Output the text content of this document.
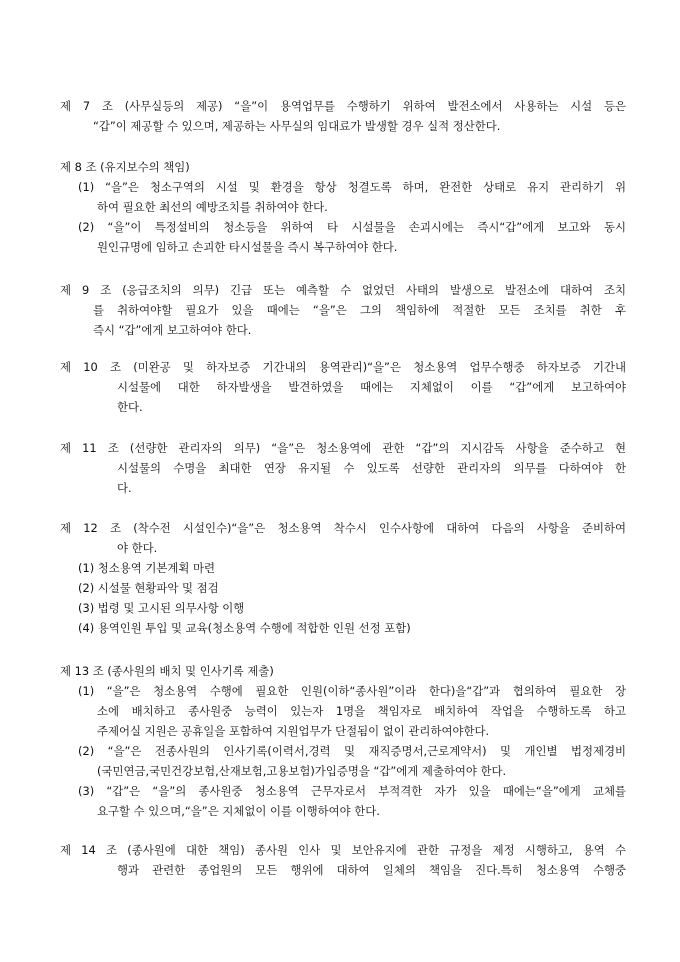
제 7 조 (사무실등의 제공) “을”이 용역업무를 수행하기 위하여 발전소에서 사용하는 시설 등은
“갑”이 제공할 수 있으며, 제공하는 사무실의 임대료가 발생할 경우 실적 정산한다.
제 8 조 (유지보수의 책임)
(1) “을”은 청소구역의 시설 및 환경을 항상 청결도록 하며, 완전한 상태로 유지 관리하기 위
하여 필요한 최선의 예방조치를 취하여야 한다.
(2) “을”이 특정설비의 청소등을 위하여 타 시설물을 손괴시에는 즉시“갑”에게 보고와 동시
원인규명에 임하고 손괴한 타시설물을 즉시 복구하여야 한다.
제 9 조 (응급조치의 의무) 긴급 또는 예측할 수 없었던 사태의 발생으로 발전소에 대하여 조치
를 취하여야할 필요가 있을 때에는 “을”은 그의 책임하에 적절한 모든 조치를 취한 후
즉시 “갑”에게 보고하여야 한다.
제 10 조 (미완공 및 하자보증 기간내의 용역관리)“을”은 청소용역 업무수행중 하자보증 기간내
시설물에 대한 하자발생을 발견하였을 때에는 지체없이 이를 “갑”에게 보고하여야
한다.
제 11 조 (선량한 관리자의 의무) “을”은 청소용역에 관한 “갑”의 지시감독 사항을 준수하고 현
시설물의 수명을 최대한 연장 유지될 수 있도록 선량한 관리자의 의무를 다하여야 한
다.
제 12 조 (착수전 시설인수)“을”은 청소용역 착수시 인수사항에 대하여 다음의 사항을 준비하여
야 한다.
(1) 청소용역 기본계획 마련
(2) 시설물 현황파악 및 점검
(3) 법령 및 고시된 의무사항 이행
(4) 용역인원 투입 및 교육(청소용역 수행에 적합한 인원 선정 포함)
제 13 조 (종사원의 배치 및 인사기록 제출)
(1) “을”은 청소용역 수행에 필요한 인원(이하“종사원”이라 한다)을“갑”과 협의하여 필요한 장
소에 배치하고 종사원중 능력이 있는자 1명을 책임자로 배치하여 작업을 수행하도록 하고
주제어실 지원은 공휴일을 포함하여 지원업무가 단절됨이 없이 관리하여야한다.
(2) “을”은 전종사원의 인사기록(이력서,경력 및 재직증명서,근로계약서) 및 개인별 법정제경비
(국민연금,국민건강보험,산재보험,고용보험)가입증명을 “갑”에게 제출하여야 한다.
(3) “갑”은 “을”의 종사원중 청소용역 근무자로서 부적격한 자가 있을 때에는“을”에게 교체를
요구할 수 있으며,“을”은 지체없이 이를 이행하여야 한다.
제 14 조 (종사원에 대한 책임) 종사원 인사 및 보안유지에 관한 규정을 제정 시행하고, 용역 수
행과 관련한 종업원의 모든 행위에 대하여 일체의 책임을 진다.특히 청소용역 수행중
